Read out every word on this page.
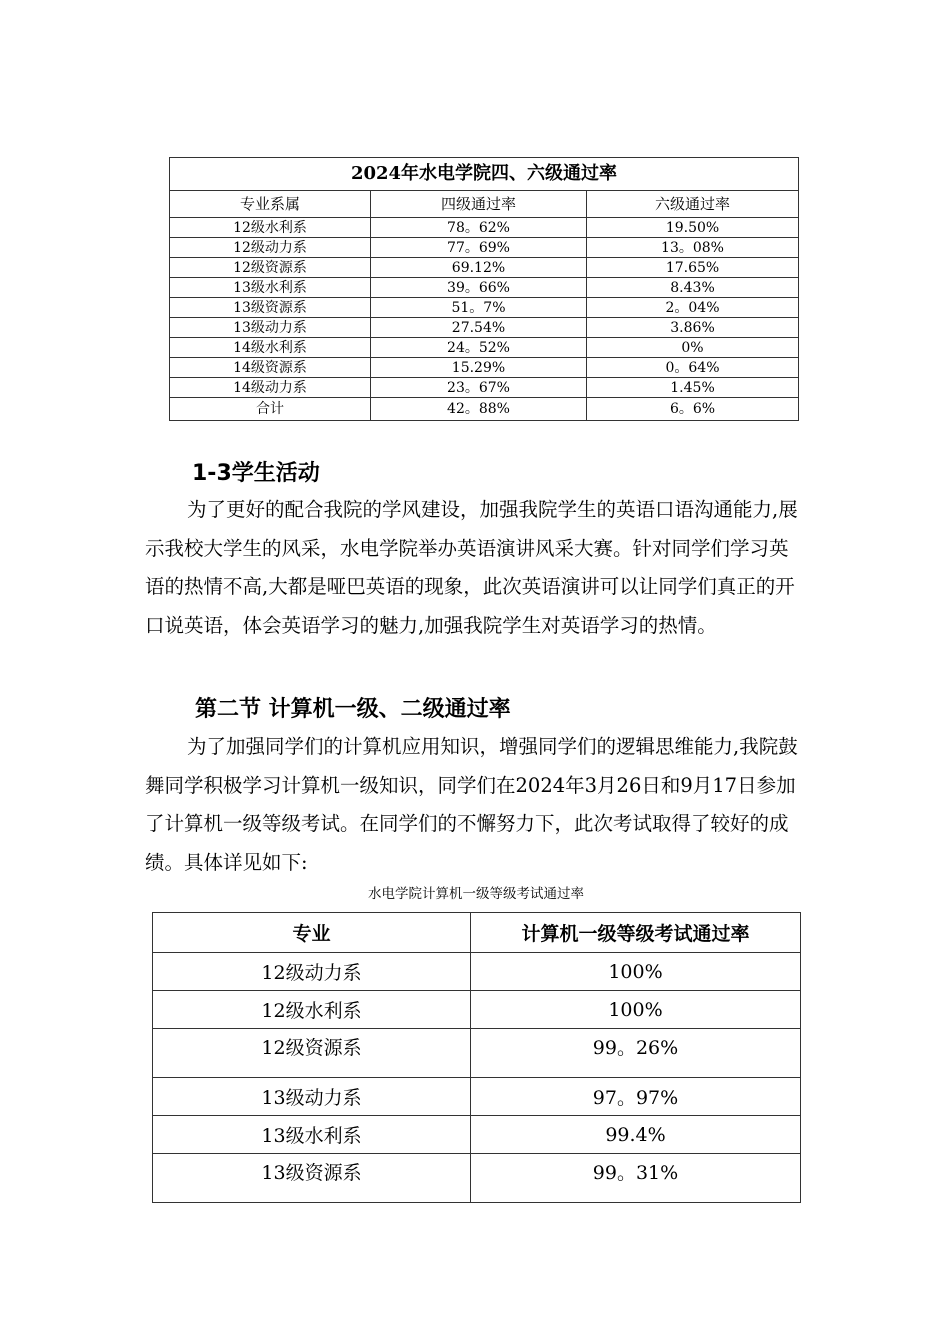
2024年水电学院四、六级通过率		
专业系属	四级通过率	六级通过率
12级水利系	78。62%	19.50%
12级动力系	77。69%	13。08%
12级资源系	69.12%	17.65%
13级水利系	39。66%	8.43%
13级资源系	51。7%	2。04%
13级动力系	27.54%	3.86%
14级水利系	24。52%	0%
14级资源系	15.29%	0。64%
14级动力系	23。67%	1.45%
合计	42。88%	6。6%
1-3学生活动

为了更好的配合我院的学风建设，加强我院学生的英语口语沟通能力,展示我校大学生的风采，水电学院举办英语演讲风采大赛。针对同学们学习英语的热情不高,大都是哑巴英语的现象，此次英语演讲可以让同学们真正的开口说英语，体会英语学习的魅力,加强我院学生对英语学习的热情。

第二节 计算机一级、二级通过率

为了加强同学们的计算机应用知识，增强同学们的逻辑思维能力,我院鼓舞同学积极学习计算机一级知识，同学们在2024年3月26日和9月17日参加了计算机一级等级考试。在同学们的不懈努力下，此次考试取得了较好的成绩。具体详见如下:

水电学院计算机一级等级考试通过率
专业	计算机一级等级考试通过率
12级动力系	100%
12级水利系	100%
12级资源系	99。26%
13级动力系	97。97%
13级水利系	99.4%
13级资源系	99。31%
